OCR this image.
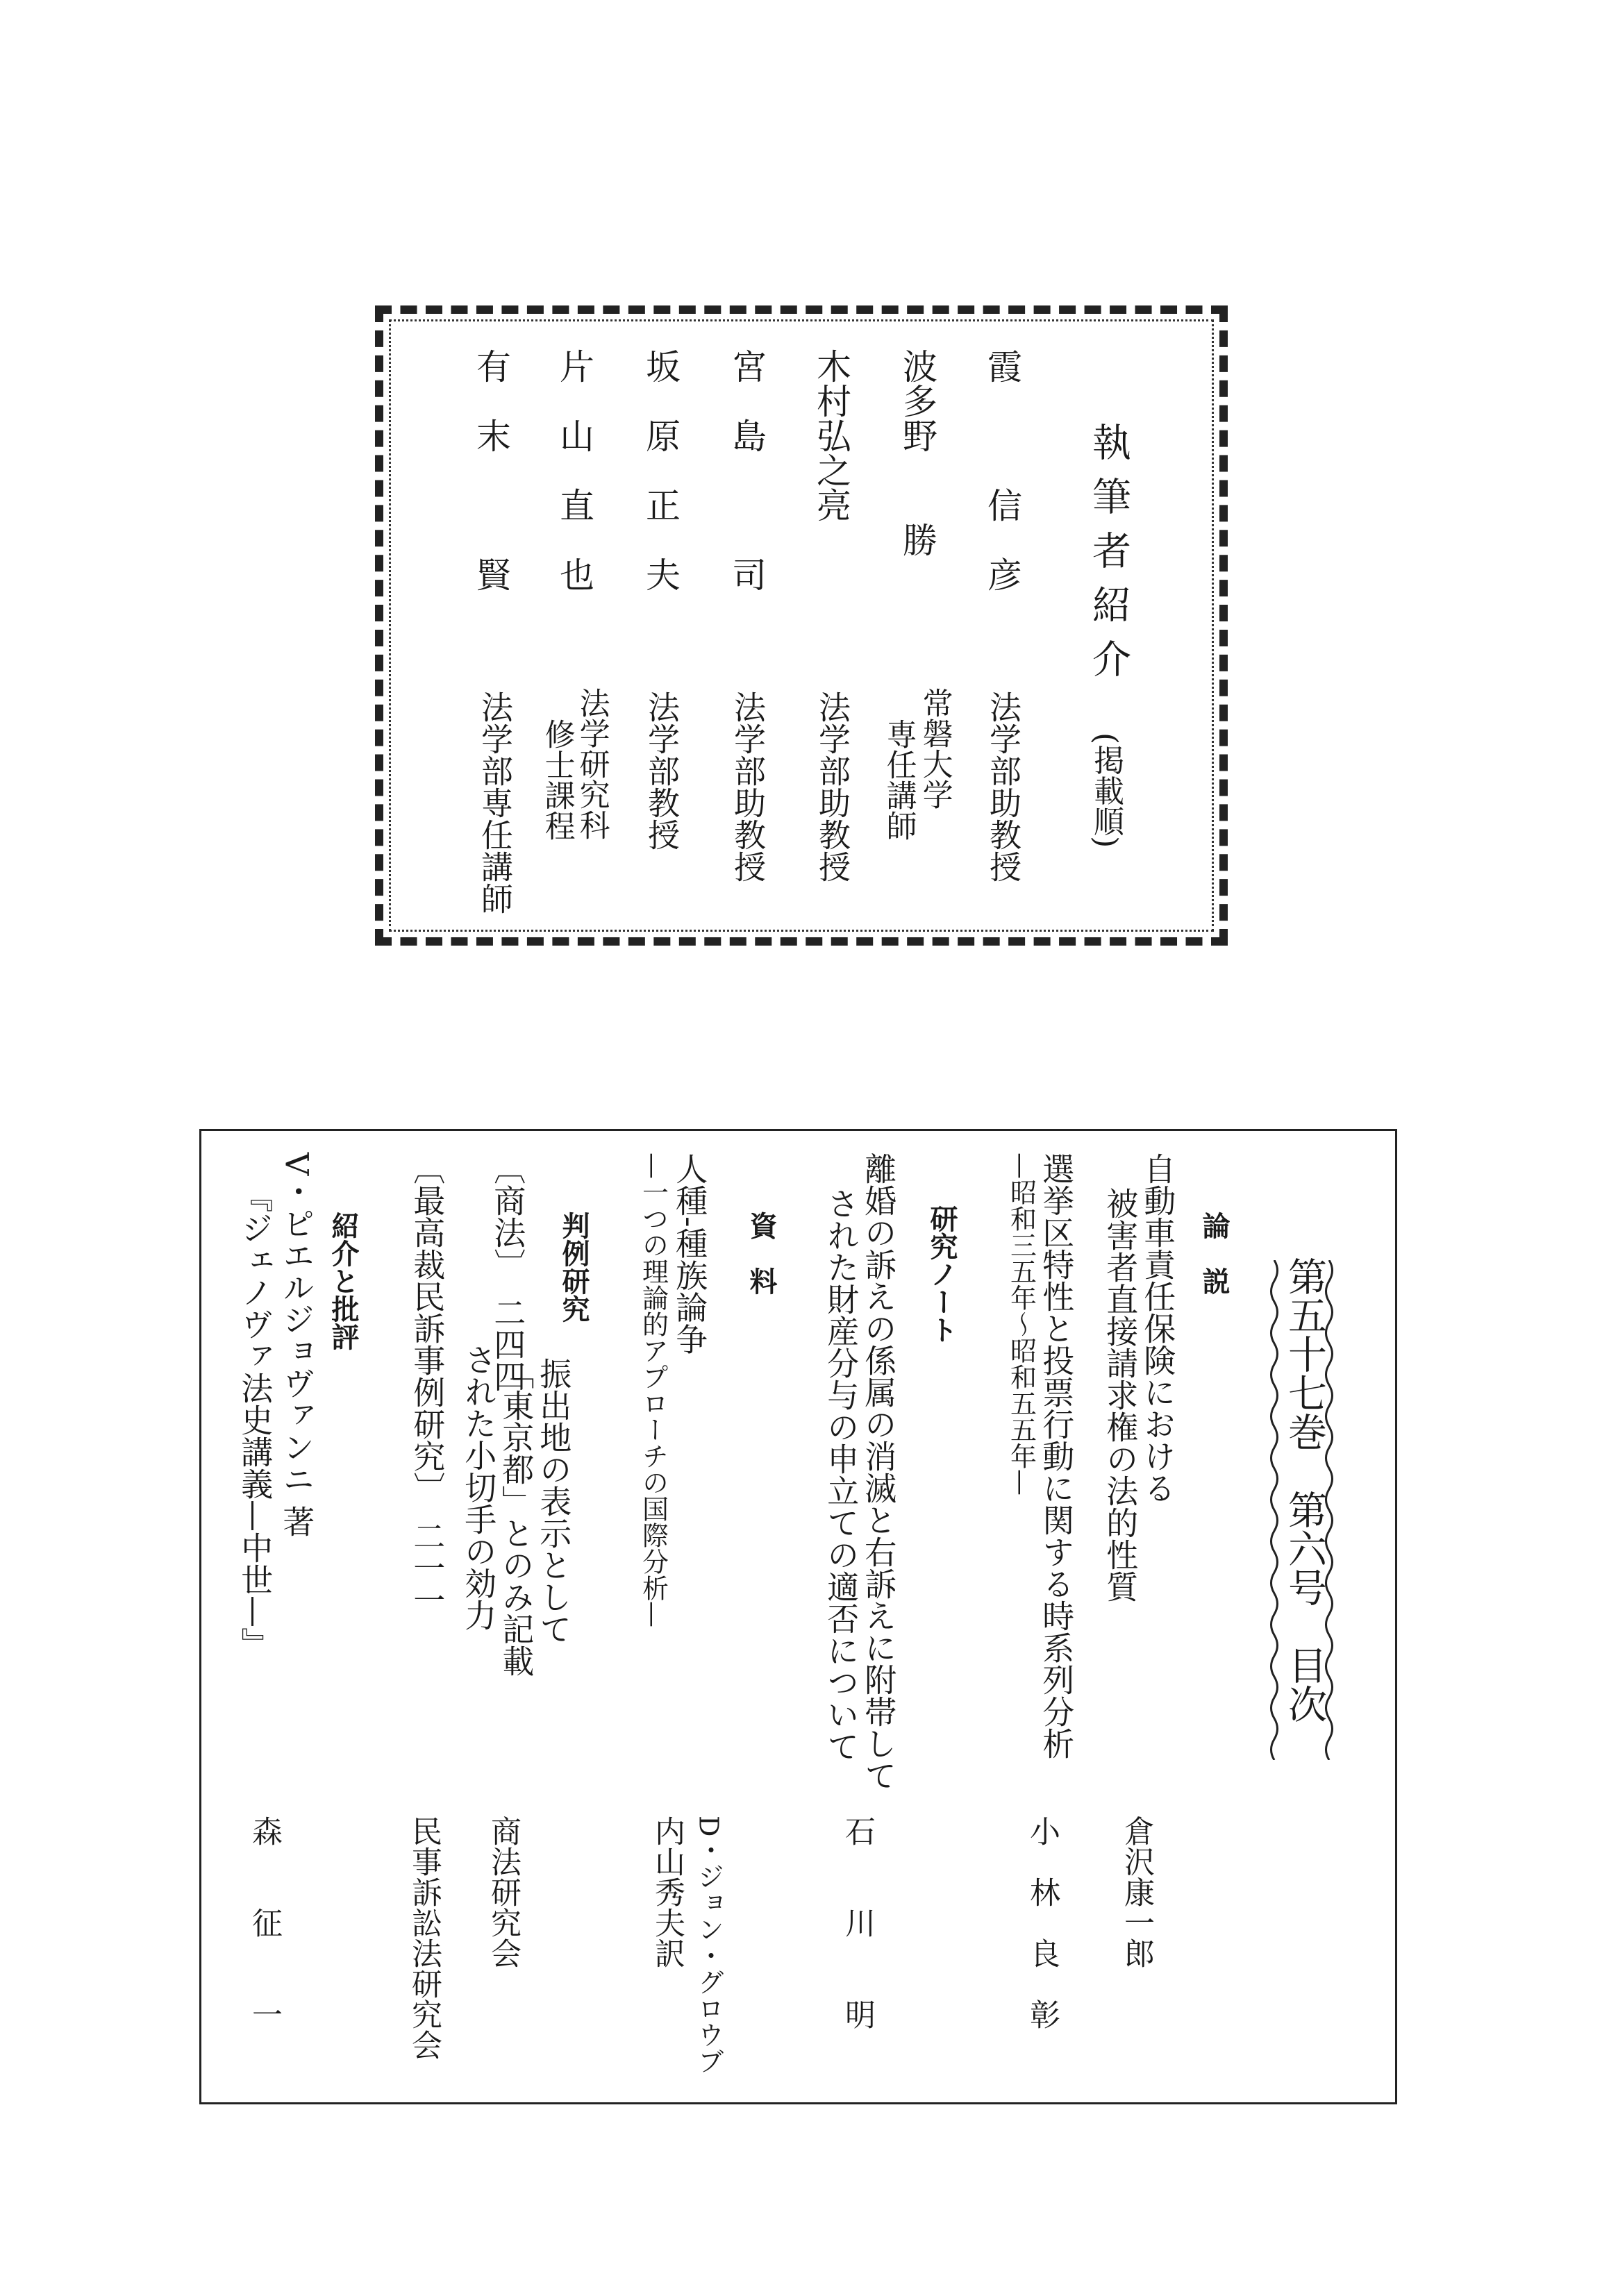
執筆者紹介
(掲載順)
霞　　　信　彦
法学部助教授
波多野　　勝
常磐大学
専任講師
木村弘之亮
法学部助教授
宮　島　　　司
法学部助教授
坂　原　正　夫
法学部教授
片　山　直　也
法学研究科
修士課程
有　末　　　賢
法学部専任講師
第五十七巻　第六号　目次
論　説
自動車責任保険における
被害者直接請求権の法的性質
倉沢康一郎
選挙区特性と投票行動に関する時系列分析
—昭和三五年〜昭和五五年—
小　林　良　彰
研究ノート
離婚の訴えの係属の消滅と右訴えに附帯して
された財産分与の申立ての適否について
石　　川　　明
資　料
人種-種族論争
—一つの理論的アプローチの国際分析—
D・ジョン・グロウブ
内山秀夫訳
判例研究
〔商法〕　二四四
振出地の表示として
「東京都」とのみ記載
された小切手の効力
商法研究会
〔最高裁民訴事例研究〕　二一一
民事訴訟法研究会
紹介と批評
V・ピエルジョヴァンニ 著
『ジェノヴァ法史講義—中世—』
森　　征　　一
